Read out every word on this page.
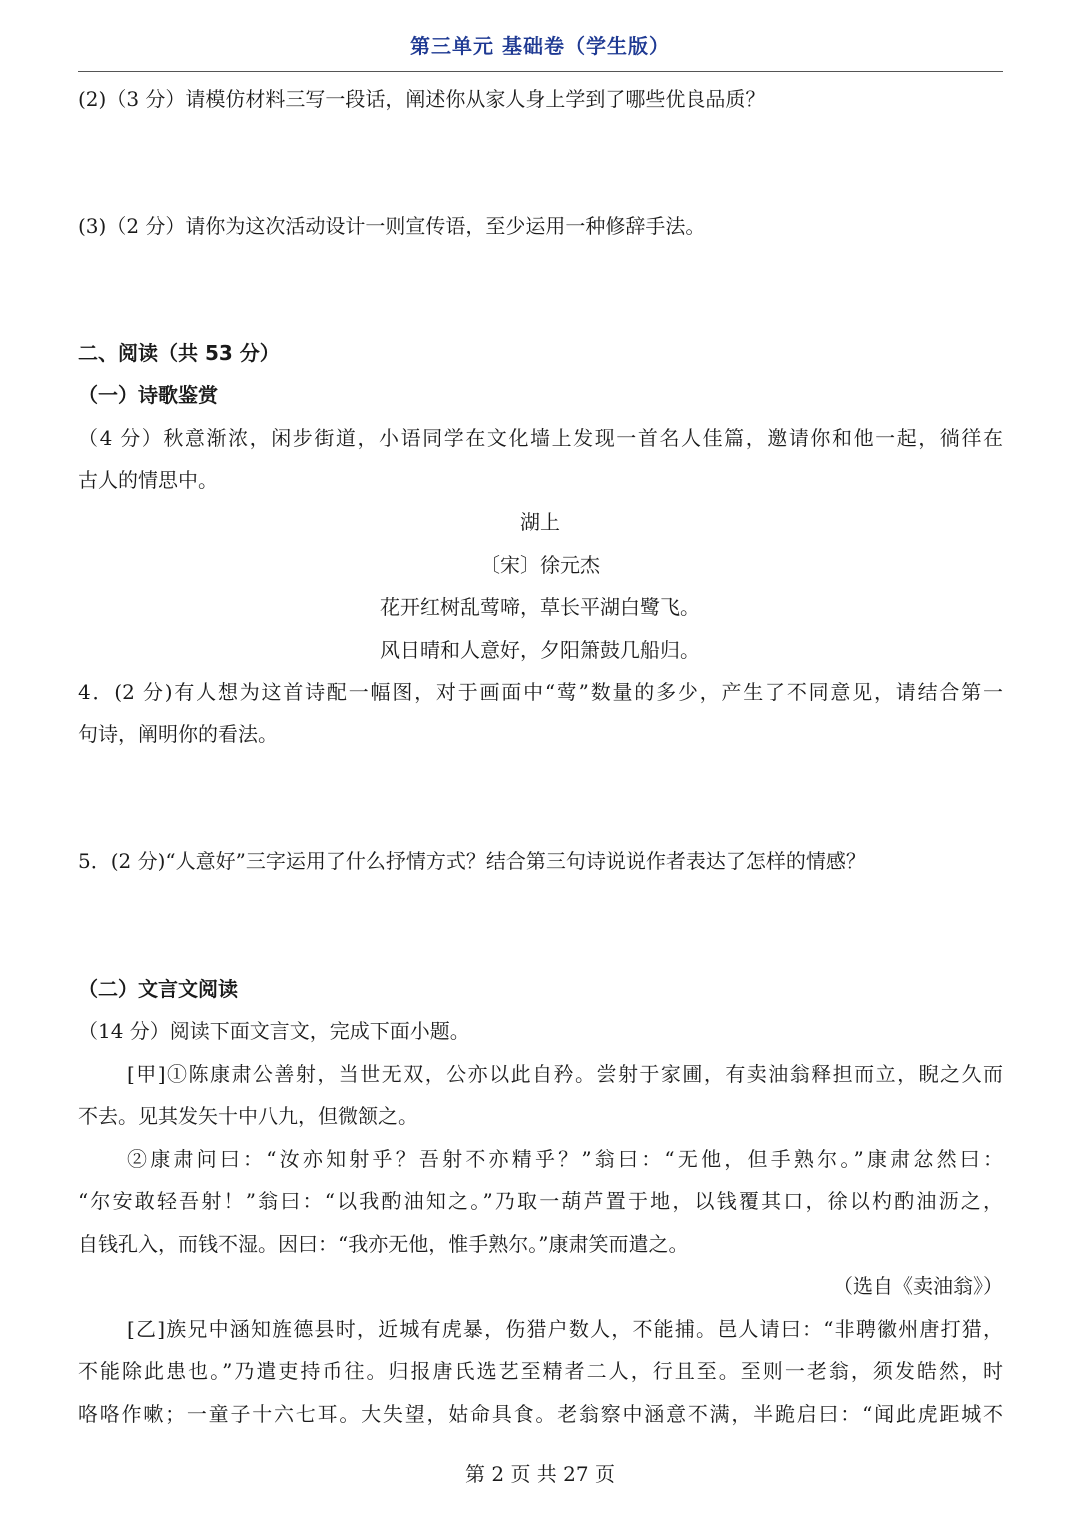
第三单元 基础卷（学生版）
(2)（3 分）请模仿材料三写一段话，阐述你从家人身上学到了哪些优良品质？
(3)（2 分）请你为这次活动设计一则宣传语，至少运用一种修辞手法。
二、阅读（共 53 分）
（一）诗歌鉴赏
（4 分）秋意渐浓，闲步街道，小语同学在文化墙上发现一首名人佳篇，邀请你和他一起，徜徉在
古人的情思中。
湖上
〔宋〕徐元杰
花开红树乱莺啼，草长平湖白鹭飞。
风日晴和人意好，夕阳箫鼓几船归。
4．(2 分)有人想为这首诗配一幅图，对于画面中“莺”数量的多少，产生了不同意见，请结合第一
句诗，阐明你的看法。
5．(2 分)“人意好”三字运用了什么抒情方式？结合第三句诗说说作者表达了怎样的情感？
（二）文言文阅读
（14 分）阅读下面文言文，完成下面小题。
[甲]①陈康肃公善射，当世无双，公亦以此自矜。尝射于家圃，有卖油翁释担而立，睨之久而
不去。见其发矢十中八九，但微颔之。
②康肃问曰：“汝亦知射乎？吾射不亦精乎？”翁曰：“无他，但手熟尔。”康肃忿然曰：
“尔安敢轻吾射！”翁曰：“以我酌油知之。”乃取一葫芦置于地，以钱覆其口，徐以杓酌油沥之，
自钱孔入，而钱不湿。因曰：“我亦无他，惟手熟尔。”康肃笑而遣之。
（选自《卖油翁》）
[乙]族兄中涵知旌德县时，近城有虎暴，伤猎户数人，不能捕。邑人请曰：“非聘徽州唐打猎，
不能除此患也。”乃遣吏持币往。归报唐氏选艺至精者二人，行且至。至则一老翁，须发皓然，时
咯咯作嗽；一童子十六七耳。大失望，姑命具食。老翁察中涵意不满，半跪启曰：“闻此虎距城不
第 2 页 共 27 页
